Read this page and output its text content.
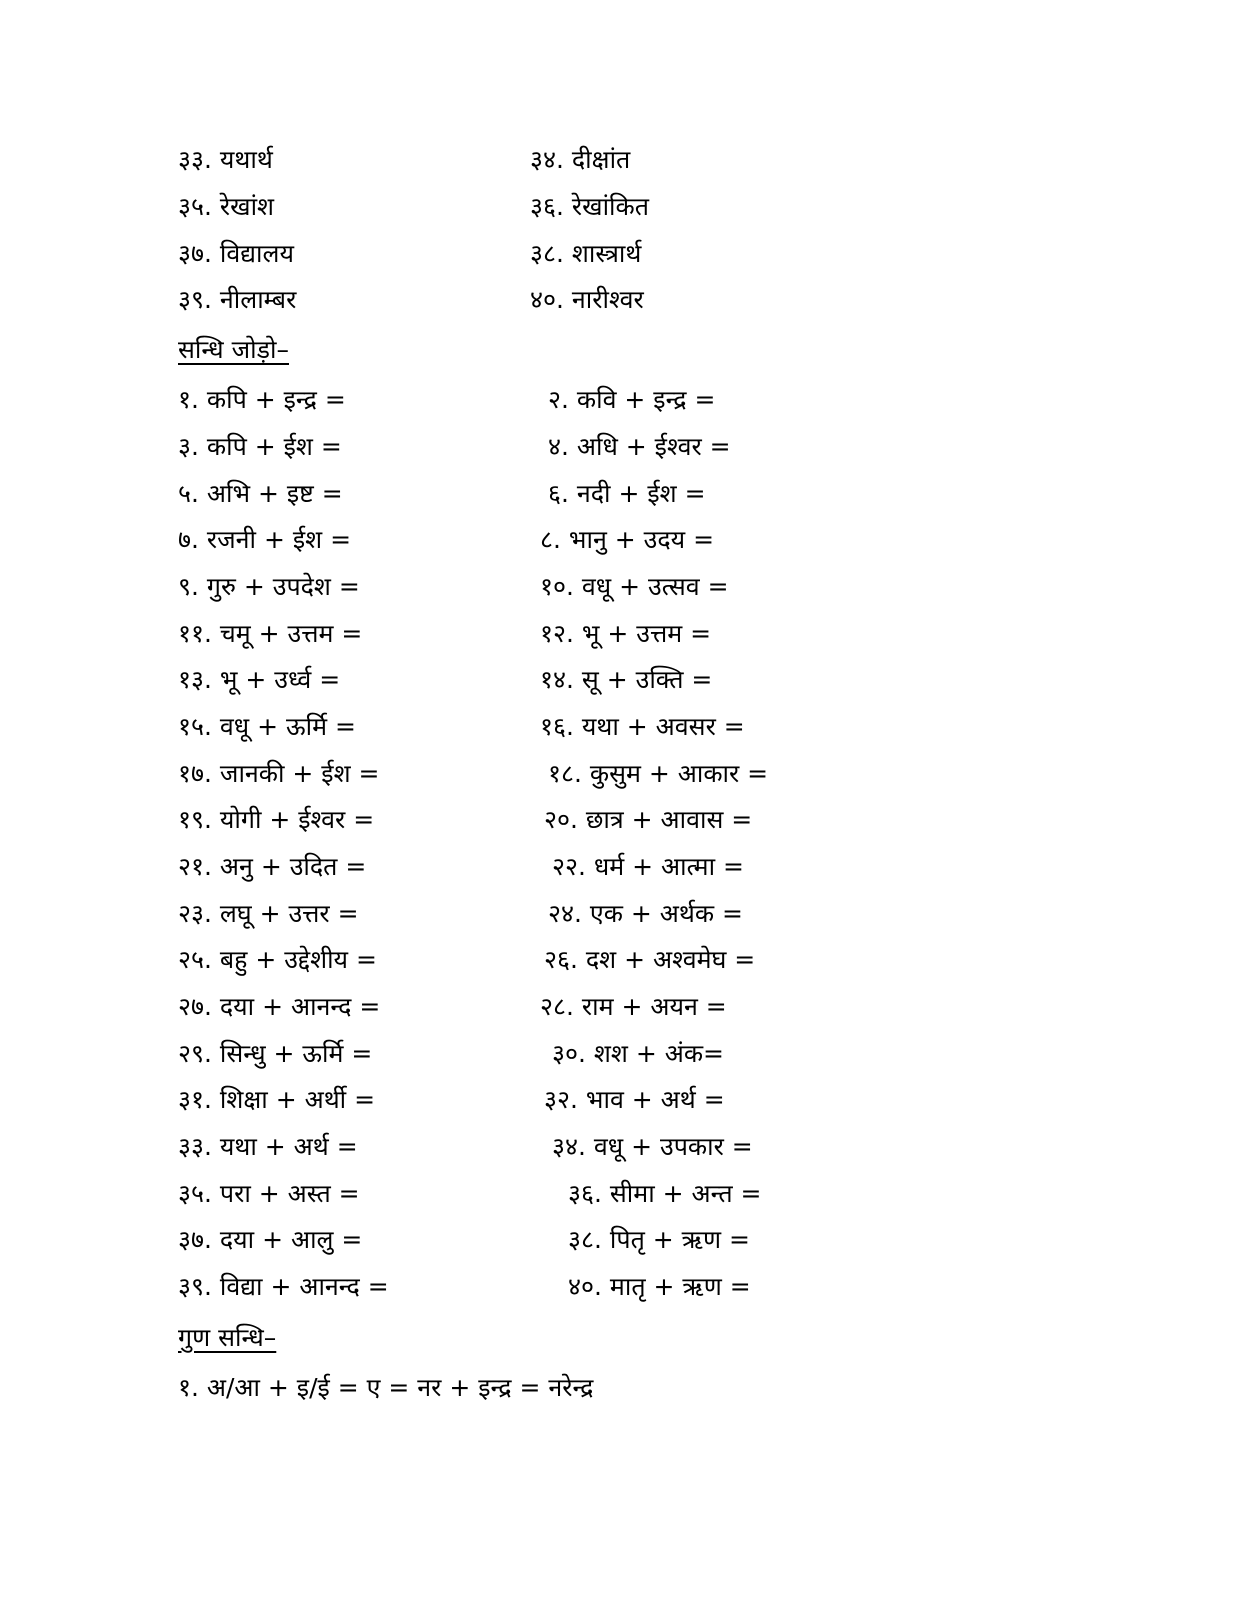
३३. यथार्थ	३४. दीक्षांत
३५. रेखांश	३६. रेखांकित
३७. विद्यालय	३८. शास्त्रार्थ
३९. नीलाम्बर	४०. नारीश्वर
सन्धि जोड़ो–
१. कपि + इन्द्र =	२. कवि + इन्द्र =
३. कपि + ईश =	४. अधि + ईश्वर =
५. अभि + इष्ट =	६. नदी + ईश =
७. रजनी + ईश =	८. भानु + उदय =
९. गुरु + उपदेश =	१०. वधू + उत्सव =
११. चमू + उत्तम =	१२. भू + उत्तम =
१३. भू + उर्ध्व =	१४. सू + उक्ति =
१५. वधू + ऊर्मि =	१६. यथा + अवसर =
१७. जानकी + ईश =	१८. कुसुम + आकार =
१९. योगी + ईश्वर =	२०. छात्र + आवास =
२१. अनु + उदित =	२२. धर्म + आत्मा =
२३. लघू + उत्तर =	२४. एक + अर्थक =
२५. बहु + उद्देशीय =	२६. दश + अश्वमेघ =
२७. दया + आनन्द =	२८. राम + अयन =
२९. सिन्धु + ऊर्मि =	३०. शश + अंक=
३१. शिक्षा + अर्थी =	३२. भाव + अर्थ =
३३. यथा + अर्थ =	३४. वधू + उपकार =
३५. परा + अस्त =	३६. सीमा + अन्त =
३७. दया + आलु =	३८. पितृ + ऋण =
३९. विद्या + आनन्द =	४०. मातृ + ऋण =
गुण सन्धि–
१. अ/आ + इ/ई = ए = नर + इन्द्र = नरेन्द्र
